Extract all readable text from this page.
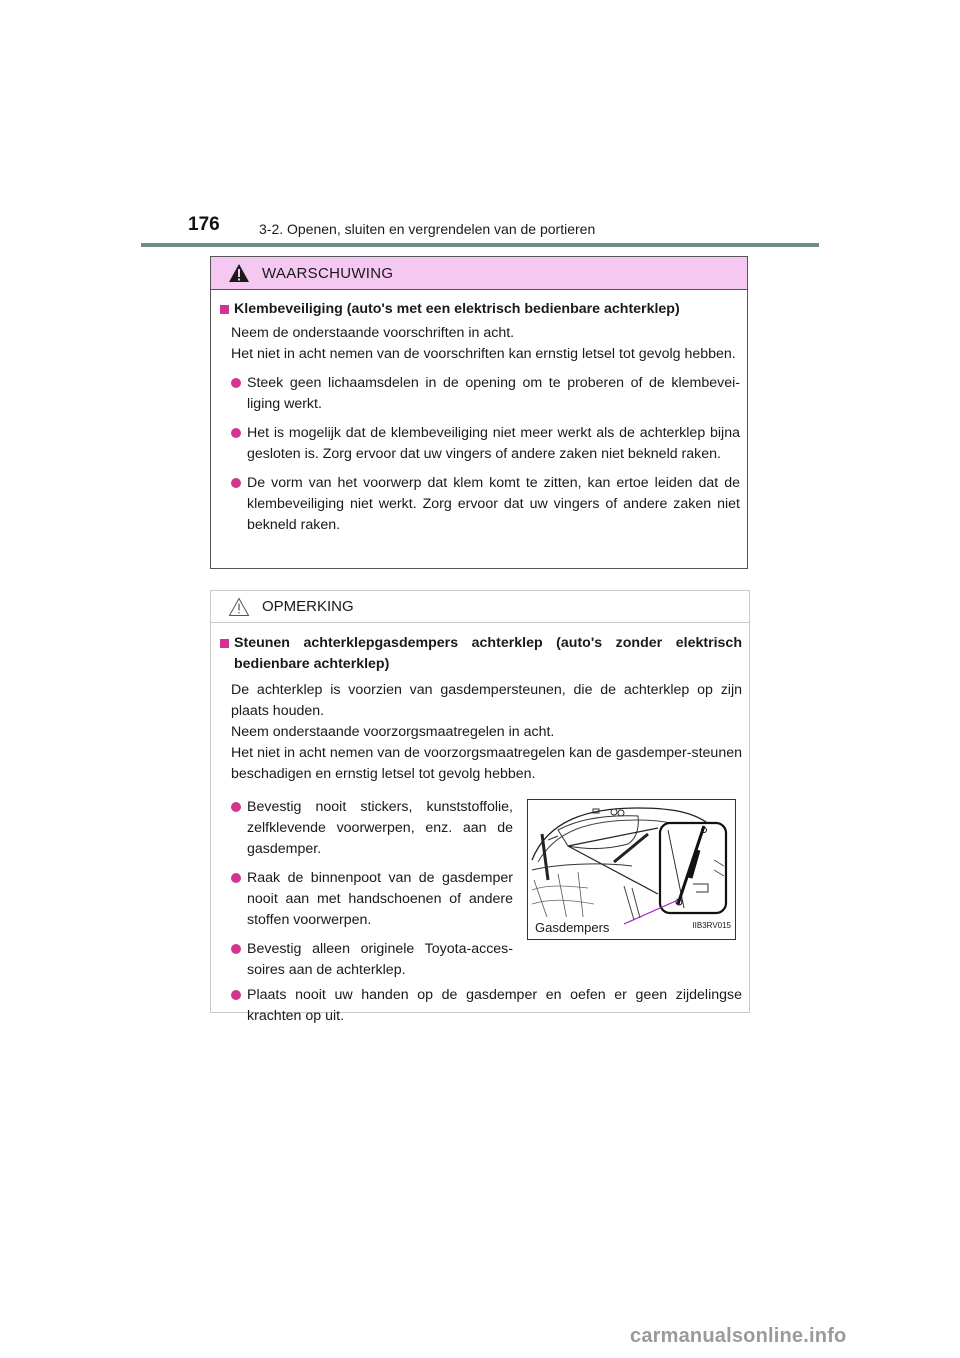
176	3-2. Openen, sluiten en vergrendelen van de portieren
WAARSCHUWING
Klembeveiliging (auto's met een elektrisch bedienbare achterklep)
Neem de onderstaande voorschriften in acht.
Het niet in acht nemen van de voorschriften kan ernstig letsel tot gevolg hebben.
Steek geen lichaamsdelen in de opening om te proberen of de klembevei-liging werkt.
Het is mogelijk dat de klembeveiliging niet meer werkt als de achterklep bijna gesloten is. Zorg ervoor dat uw vingers of andere zaken niet bekneld raken.
De vorm van het voorwerp dat klem komt te zitten, kan ertoe leiden dat de klembeveiliging niet werkt. Zorg ervoor dat uw vingers of andere zaken niet bekneld raken.
OPMERKING
Steunen achterklepgasdempers achterklep (auto's zonder elektrisch bedienbare achterklep)
De achterklep is voorzien van gasdempersteunen, die de achterklep op zijn plaats houden.
Neem onderstaande voorzorgsmaatregelen in acht.
Het niet in acht nemen van de voorzorgsmaatregelen kan de gasdemper-steunen beschadigen en ernstig letsel tot gevolg hebben.
Bevestig nooit stickers, kunststoffolie, zelfklevende voorwerpen, enz. aan de gasdemper.
Raak de binnenpoot van de gasdemper nooit aan met handschoenen of andere stoffen voorwerpen.
Bevestig alleen originele Toyota-acces-soires aan de achterklep.
Gasdempers	IIB3RV015
Plaats nooit uw handen op de gasdemper en oefen er geen zijdelingse krachten op uit.
carmanualsonline.info
